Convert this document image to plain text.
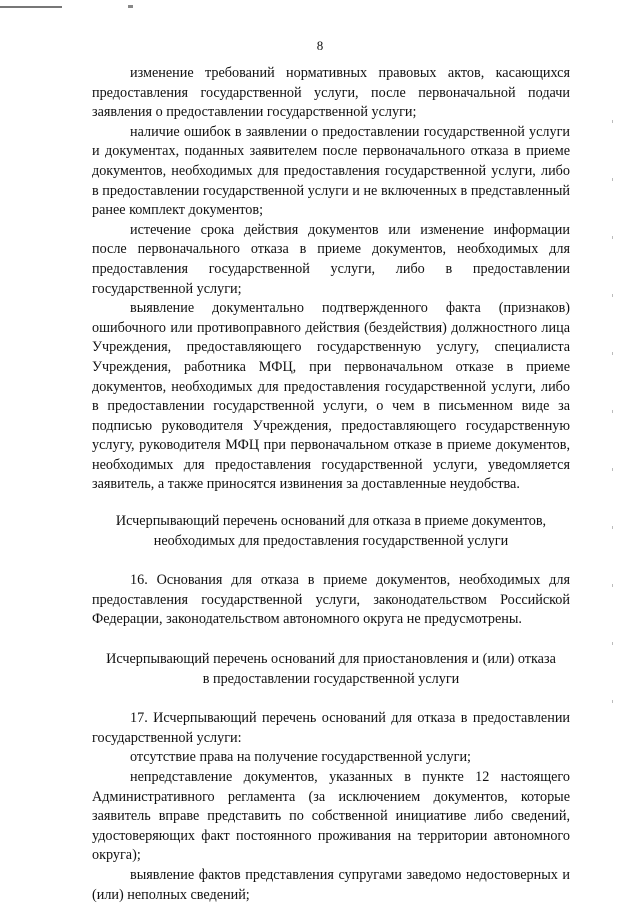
8

изменение требований нормативных правовых актов, касающихся предоставления государственной услуги, после первоначальной подачи заявления о предоставлении государственной услуги;

наличие ошибок в заявлении о предоставлении государственной услуги и документах, поданных заявителем после первоначального отказа в приеме документов, необходимых для предоставления государственной услуги, либо в предоставлении государственной услуги и не включенных в представленный ранее комплект документов;

истечение срока действия документов или изменение информации после первоначального отказа в приеме документов, необходимых для предоставления государственной услуги, либо в предоставлении государственной услуги;

выявление документально подтвержденного факта (признаков) ошибочного или противоправного действия (бездействия) должностного лица Учреждения, предоставляющего государственную услугу, специалиста Учреждения, работника МФЦ, при первоначальном отказе в приеме документов, необходимых для предоставления государственной услуги, либо в предоставлении государственной услуги, о чем в письменном виде за подписью руководителя Учреждения, предоставляющего государственную услугу, руководителя МФЦ при первоначальном отказе в приеме документов, необходимых для предоставления государственной услуги, уведомляется заявитель, а также приносятся извинения за доставленные неудобства.

Исчерпывающий перечень оснований для отказа в приеме документов,

необходимых для предоставления государственной услуги

16. Основания для отказа в приеме документов, необходимых для предоставления государственной услуги, законодательством Российской Федерации, законодательством автономного округа не предусмотрены.

Исчерпывающий перечень оснований для приостановления и (или) отказа

в предоставлении государственной услуги

17. Исчерпывающий перечень оснований для отказа в предоставлении государственной услуги:

отсутствие права на получение государственной услуги;

непредставление документов, указанных в пункте 12 настоящего Административного регламента (за исключением документов, которые заявитель вправе представить по собственной инициативе либо сведений, удостоверяющих факт постоянного проживания на территории автономного округа);

выявление фактов представления супругами заведомо недостоверных и (или) неполных сведений;
